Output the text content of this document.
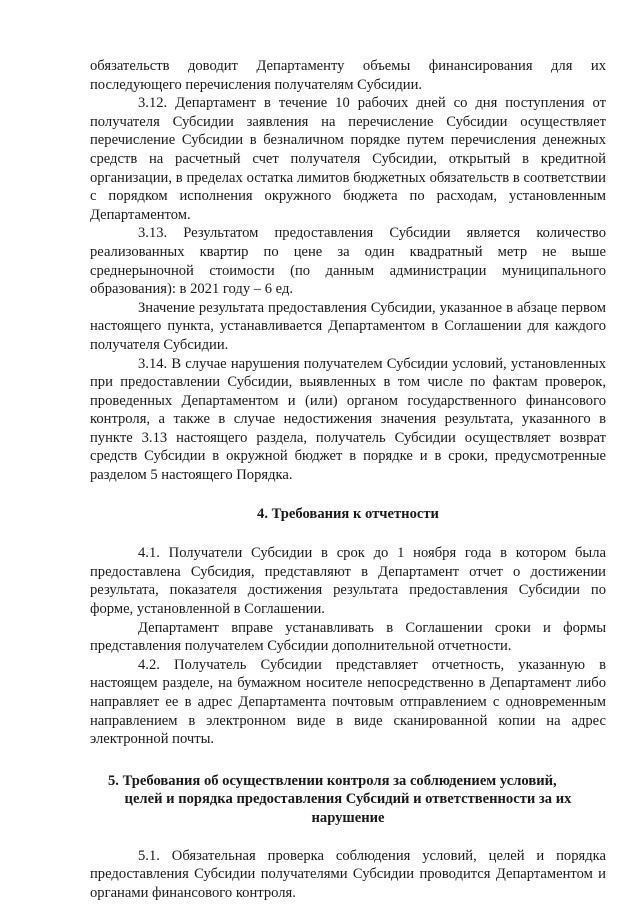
обязательств доводит Департаменту объемы финансирования для их последующего перечисления получателям Субсидии.

3.12. Департамент в течение 10 рабочих дней со дня поступления от получателя Субсидии заявления на перечисление Субсидии осуществляет перечисление Субсидии в безналичном порядке путем перечисления денежных средств на расчетный счет получателя Субсидии, открытый в кредитной организации, в пределах остатка лимитов бюджетных обязательств в соответствии с порядком исполнения окружного бюджета по расходам, установленным Департаментом.

3.13. Результатом предоставления Субсидии является количество реализованных квартир по цене за один квадратный метр не выше среднерыночной стоимости (по данным администрации муниципального образования): в 2021 году – 6 ед.

Значение результата предоставления Субсидии, указанное в абзаце первом настоящего пункта, устанавливается Департаментом в Соглашении для каждого получателя Субсидии.

3.14. В случае нарушения получателем Субсидии условий, установленных при предоставлении Субсидии, выявленных в том числе по фактам проверок, проведенных Департаментом и (или) органом государственного финансового контроля, а также в случае недостижения значения результата, указанного в пункте 3.13 настоящего раздела, получатель Субсидии осуществляет возврат средств Субсидии в окружной бюджет в порядке и в сроки, предусмотренные разделом 5 настоящего Порядка.

4. Требования к отчетности

4.1. Получатели Субсидии в срок до 1 ноября года в котором была предоставлена Субсидия, представляют в Департамент отчет о достижении результата, показателя достижения результата предоставления Субсидии по форме, установленной в Соглашении.

Департамент вправе устанавливать в Соглашении сроки и формы представления получателем Субсидии дополнительной отчетности.

4.2. Получатель Субсидии представляет отчетность, указанную в настоящем разделе, на бумажном носителе непосредственно в Департамент либо направляет ее в адрес Департамента почтовым отправлением с одновременным направлением в электронном виде в виде сканированной копии на адрес электронной почты.

5. Требования об осуществлении контроля за соблюдением условий,
целей и порядка предоставления Субсидий и ответственности за их
нарушение

5.1. Обязательная проверка соблюдения условий, целей и порядка предоставления Субсидии получателями Субсидии проводится Департаментом и органами финансового контроля.
